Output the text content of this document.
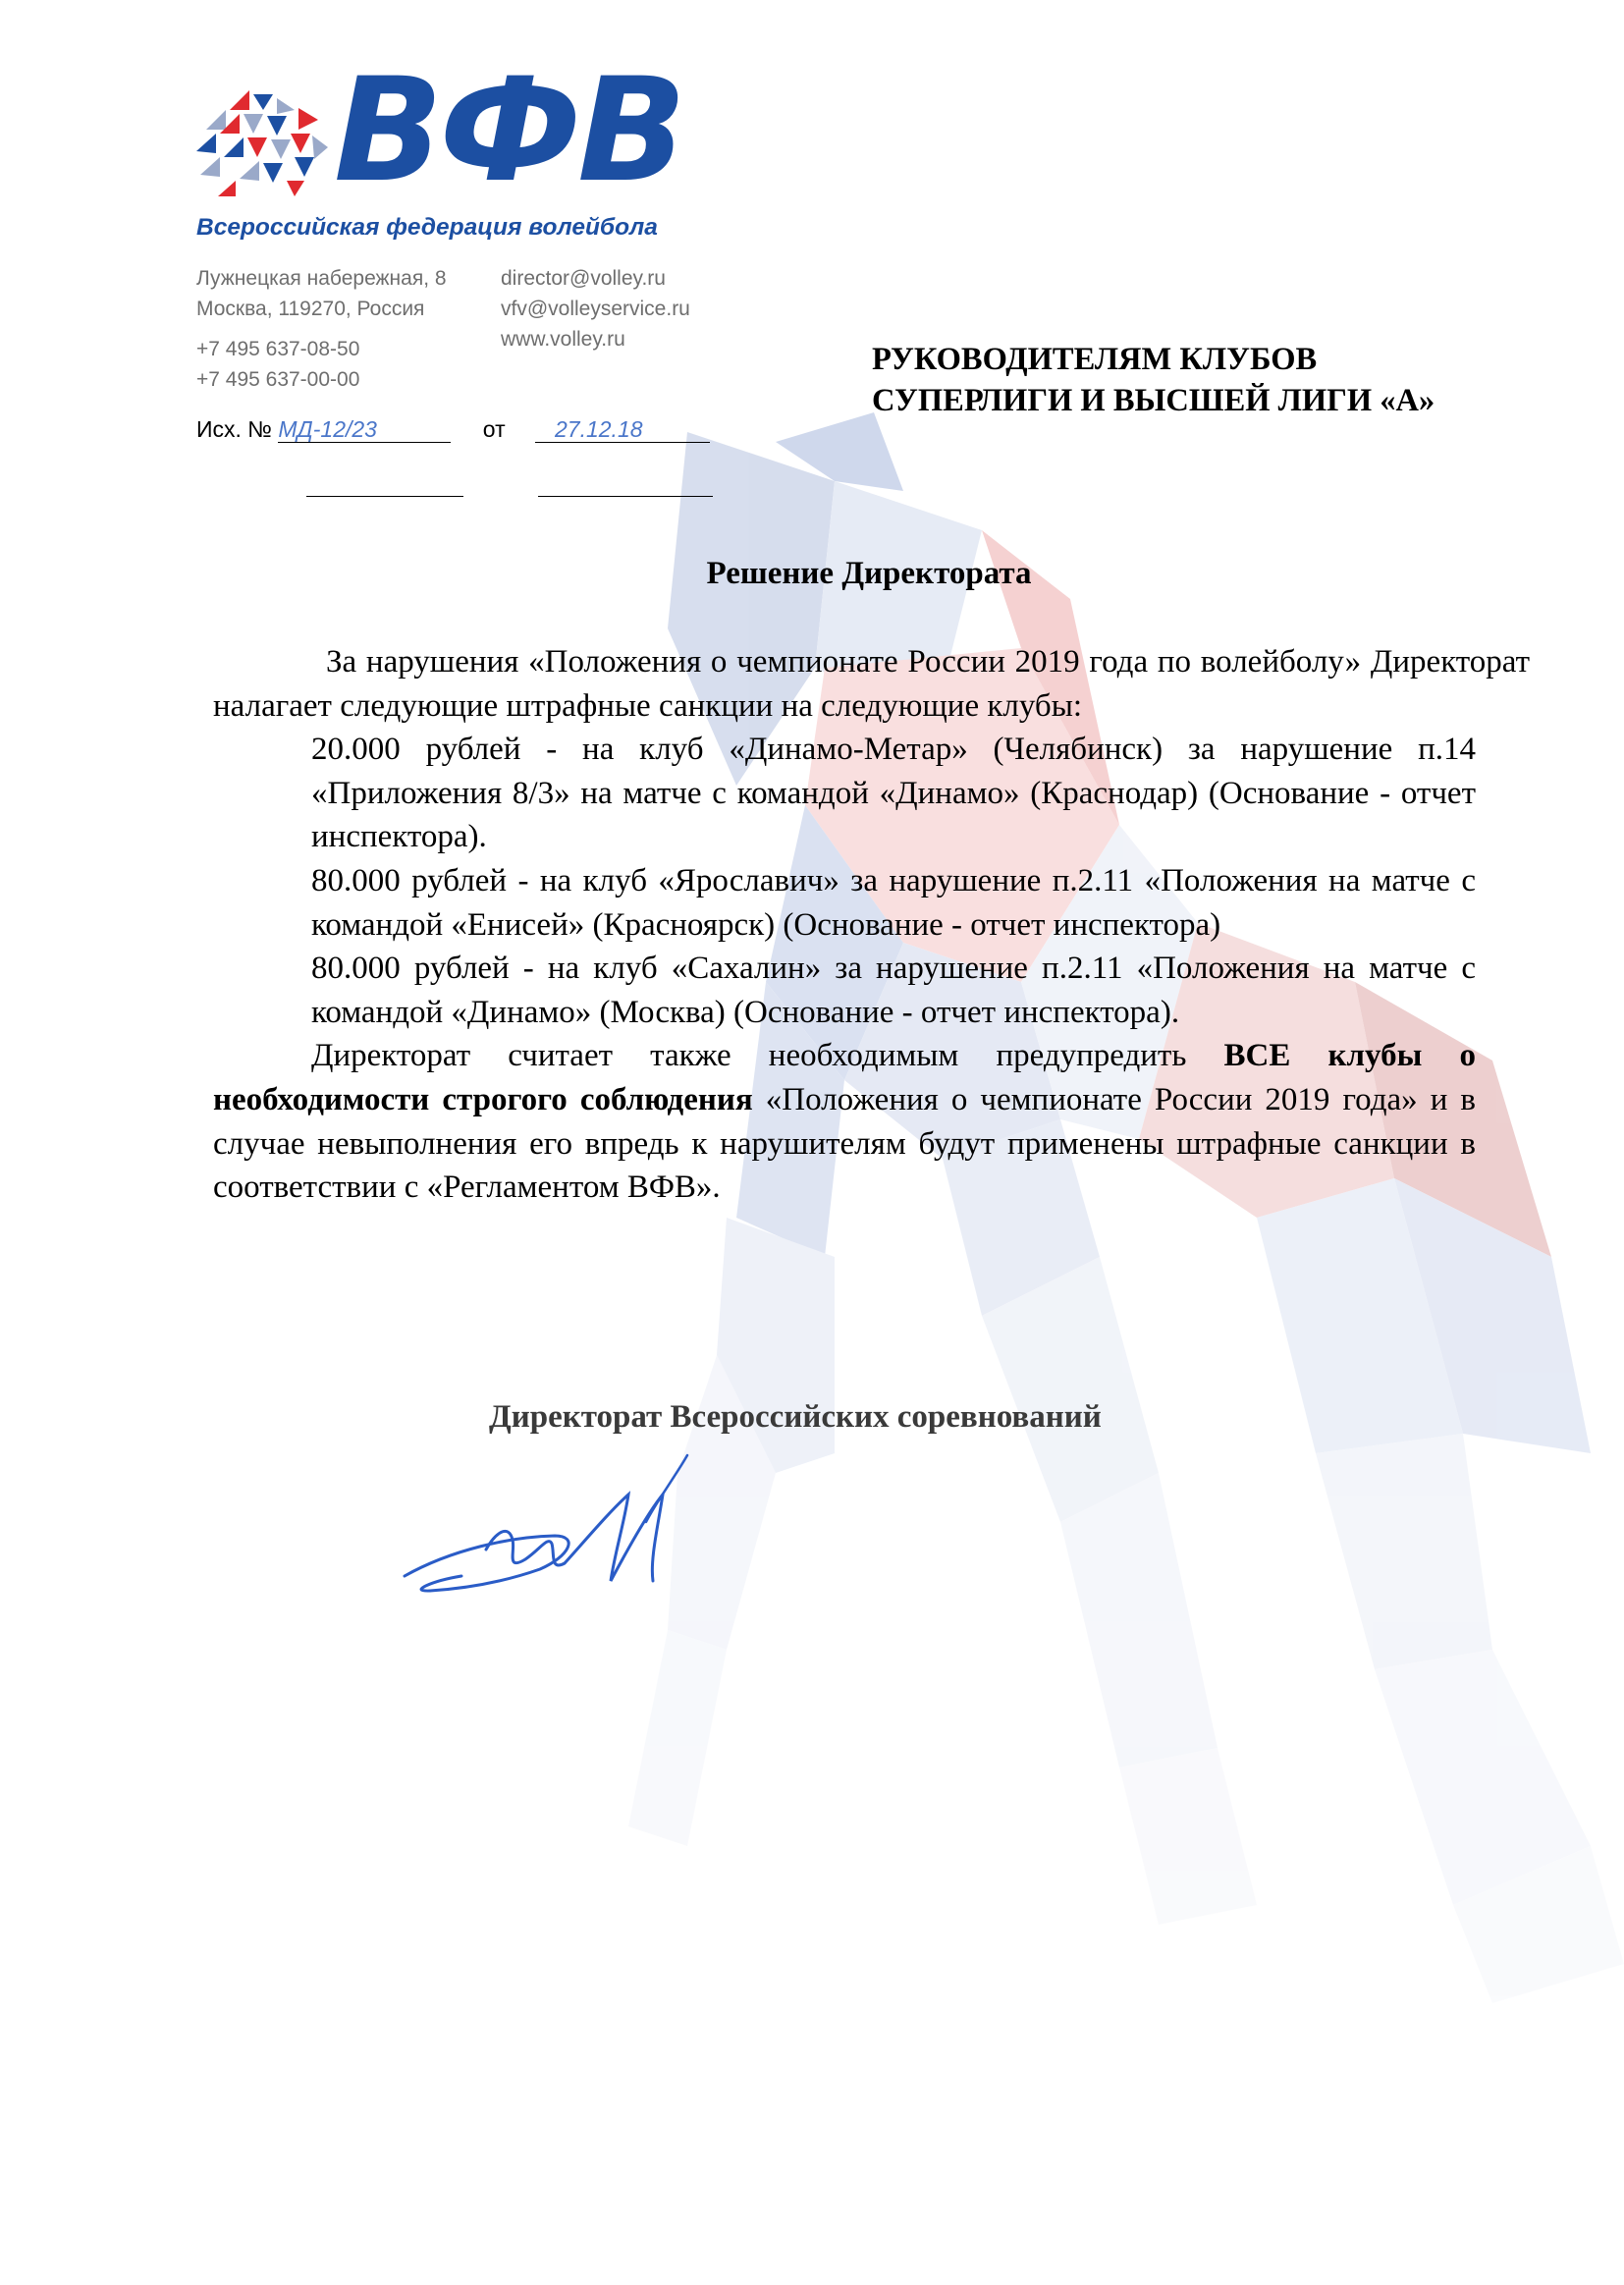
ВФВ
Всероссийская федерация волейбола
Лужнецкая набережная, 8
Москва, 119270, Россия
+7 495 637-08-50
+7 495 637-00-00
director@volley.ru
vfv@volleyservice.ru
www.volley.ru
Исх. № МД-12/23	от 27.12.18
РУКОВОДИТЕЛЯМ КЛУБОВ
СУПЕРЛИГИ И ВЫСШЕЙ ЛИГИ «А»
Решение Директората

За нарушения «Положения о чемпионате России 2019 года по волейболу» Директорат налагает следующие штрафные санкции на следующие клубы:

20.000 рублей - на клуб «Динамо-Метар» (Челябинск) за нарушение п.14 «Приложения 8/3» на матче с командой «Динамо» (Краснодар) (Основание - отчет инспектора).

80.000 рублей - на клуб «Ярославич» за нарушение п.2.11 «Положения на матче с командой «Енисей» (Красноярск) (Основание - отчет инспектора)

80.000 рублей - на клуб «Сахалин» за нарушение п.2.11 «Положения на матче с командой «Динамо» (Москва) (Основание - отчет инспектора).

Директорат считает также необходимым предупредить ВСЕ клубы о необходимости строгого соблюдения «Положения о чемпионате России 2019 года» и в случае невыполнения его впредь к нарушителям будут применены штрафные санкции в соответствии с «Регламентом ВФВ».

Директорат Всероссийских соревнований
